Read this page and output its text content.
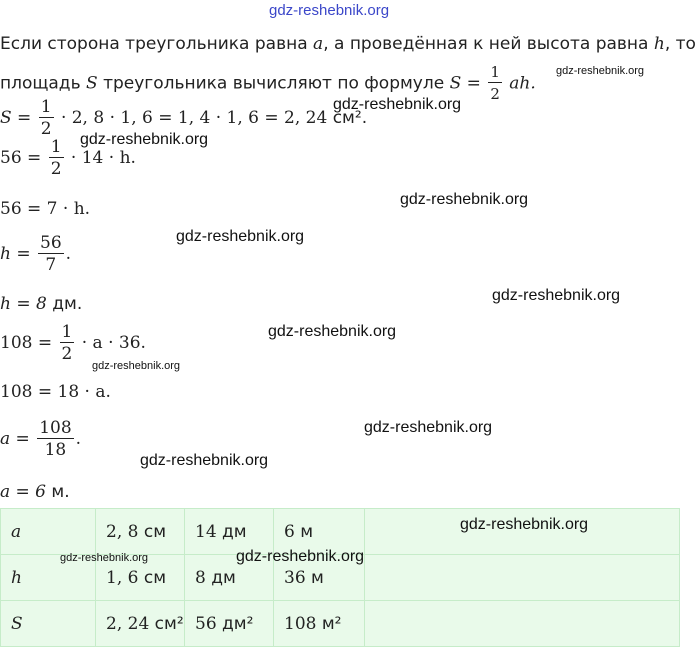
gdz-reshebnik.org
Если сторона треугольника равна a, а проведённая к ней высота равна h, то
площадь S треугольника вычисляют по формуле $S = \frac{1}{2}$ ah.
$S = \frac{1}{2} \cdot 2$, 8 · 1, 6 = 1, 4 · 1, 6 = 2, 24 см².
$56 = \frac{1}{2} \cdot 14 \cdot h$.
56 = 7 · h.
$h = \frac{56}{7}$ .
h = 8 дм.
$108 = \frac{1}{2} \cdot a \cdot 36$.
108 = 18 · a.
$a = \frac{108}{18}$ .
a = 6 м.
a	2, 8 см	14 дм	6 м	
h	1, 6 см	8 дм	36 м	
S	2, 24 см²	56 дм²	108 м²	
gdz-reshebnik.org
gdz-reshebnik.org
gdz-reshebnik.org
gdz-reshebnik.org
gdz-reshebnik.org
gdz-reshebnik.org
gdz-reshebnik.org
gdz-reshebnik.org
gdz-reshebnik.org
gdz-reshebnik.org
gdz-reshebnik.org
gdz-reshebnik.org	gdz-reshebnik.org
